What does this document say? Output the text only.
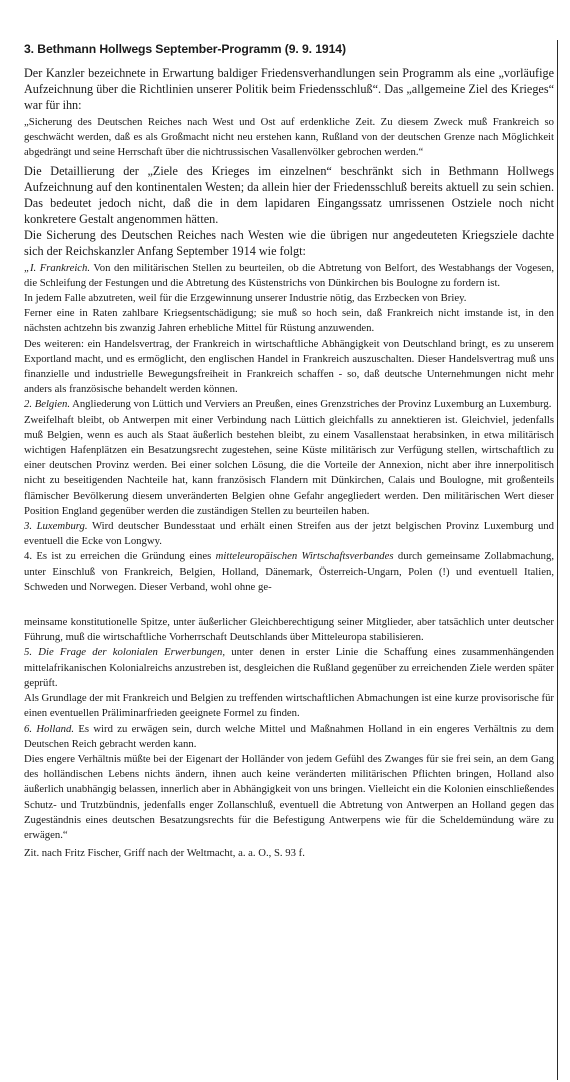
3. Bethmann Hollwegs September-Programm (9. 9. 1914)

Der Kanzler bezeichnete in Erwartung baldiger Friedensverhandlungen sein Programm als eine „vorläufige Aufzeichnung über die Richtlinien unserer Politik beim Friedensschluß“. Das „allgemeine Ziel des Krieges“ war für ihn:

„Sicherung des Deutschen Reiches nach West und Ost auf erdenkliche Zeit. Zu diesem Zweck muß Frankreich so geschwächt werden, daß es als Großmacht nicht neu erstehen kann, Rußland von der deutschen Grenze nach Möglichkeit abgedrängt und seine Herrschaft über die nichtrussischen Vasallenvölker gebrochen werden.“

Die Detaillierung der „Ziele des Krieges im einzelnen“ beschränkt sich in Bethmann Hollwegs Aufzeichnung auf den kontinentalen Westen; da allein hier der Friedensschluß bereits aktuell zu sein schien. Das bedeutet jedoch nicht, daß die in dem lapidaren Eingangssatz umrissenen Ostziele noch nicht konkretere Gestalt angenommen hätten.

Die Sicherung des Deutschen Reiches nach Westen wie die übrigen nur angedeuteten Kriegsziele dachte sich der Reichskanzler Anfang September 1914 wie folgt:

„I. Frankreich. Von den militärischen Stellen zu beurteilen, ob die Abtretung von Belfort, des Westabhangs der Vogesen, die Schleifung der Festungen und die Abtretung des Küstenstrichs von Dünkirchen bis Boulogne zu fordern ist.

In jedem Falle abzutreten, weil für die Erzgewinnung unserer Industrie nötig, das Erzbecken von Briey.

Ferner eine in Raten zahlbare Kriegsentschädigung; sie muß so hoch sein, daß Frankreich nicht imstande ist, in den nächsten achtzehn bis zwanzig Jahren erhebliche Mittel für Rüstung anzuwenden.

Des weiteren: ein Handelsvertrag, der Frankreich in wirtschaftliche Abhängigkeit von Deutschland bringt, es zu unserem Exportland macht, und es ermöglicht, den englischen Handel in Frankreich auszuschalten. Dieser Handelsvertrag muß uns finanzielle und industrielle Bewegungsfreiheit in Frankreich schaffen - so, daß deutsche Unternehmungen nicht mehr anders als französische behandelt werden können.

2. Belgien. Angliederung von Lüttich und Verviers an Preußen, eines Grenzstriches der Provinz Luxemburg an Luxemburg.

Zweifelhaft bleibt, ob Antwerpen mit einer Verbindung nach Lüttich gleichfalls zu annektieren ist. Gleichviel, jedenfalls muß Belgien, wenn es auch als Staat äußerlich bestehen bleibt, zu einem Vasallenstaat herabsinken, in etwa militärisch wichtigen Hafenplätzen ein Besatzungsrecht zugestehen, seine Küste militärisch zur Verfügung stellen, wirtschaftlich zu einer deutschen Provinz werden. Bei einer solchen Lösung, die die Vorteile der Annexion, nicht aber ihre innerpolitisch nicht zu beseitigenden Nachteile hat, kann französisch Flandern mit Dünkirchen, Calais und Boulogne, mit großenteils flämischer Bevölkerung diesem unveränderten Belgien ohne Gefahr angegliedert werden. Den militärischen Wert dieser Position England gegenüber werden die zuständigen Stellen zu beurteilen haben.

3. Luxemburg. Wird deutscher Bundesstaat und erhält einen Streifen aus der jetzt belgischen Provinz Luxemburg und eventuell die Ecke von Longwy.

4. Es ist zu erreichen die Gründung eines mitteleuropäischen Wirtschaftsverbandes durch gemeinsame Zollabmachung, unter Einschluß von Frankreich, Belgien, Holland, Dänemark, Österreich-Ungarn, Polen (!) und eventuell Italien, Schweden und Norwegen. Dieser Verband, wohl ohne ge-

meinsame konstitutionelle Spitze, unter äußerlicher Gleichberechtigung seiner Mitglieder, aber tatsächlich unter deutscher Führung, muß die wirtschaftliche Vorherrschaft Deutschlands über Mitteleuropa stabilisieren.

5. Die Frage der kolonialen Erwerbungen, unter denen in erster Linie die Schaffung eines zusammenhängenden mittelafrikanischen Kolonialreichs anzustreben ist, desgleichen die Rußland gegenüber zu erreichenden Ziele werden später geprüft.

Als Grundlage der mit Frankreich und Belgien zu treffenden wirtschaftlichen Abmachungen ist eine kurze provisorische für einen eventuellen Präliminarfrieden geeignete Formel zu finden.

6. Holland. Es wird zu erwägen sein, durch welche Mittel und Maßnahmen Holland in ein engeres Verhältnis zu dem Deutschen Reich gebracht werden kann.

Dies engere Verhältnis müßte bei der Eigenart der Holländer von jedem Gefühl des Zwanges für sie frei sein, an dem Gang des holländischen Lebens nichts ändern, ihnen auch keine veränderten militärischen Pflichten bringen, Holland also äußerlich unabhängig belassen, innerlich aber in Abhängigkeit von uns bringen. Vielleicht ein die Kolonien einschließendes Schutz- und Trutzbündnis, jedenfalls enger Zollanschluß, eventuell die Abtretung von Antwerpen an Holland gegen das Zugeständnis eines deutschen Besatzungsrechts für die Befestigung Antwerpens wie für die Scheldemündung wäre zu erwägen.“

Zit. nach Fritz Fischer, Griff nach der Weltmacht, a. a. O., S. 93 f.
